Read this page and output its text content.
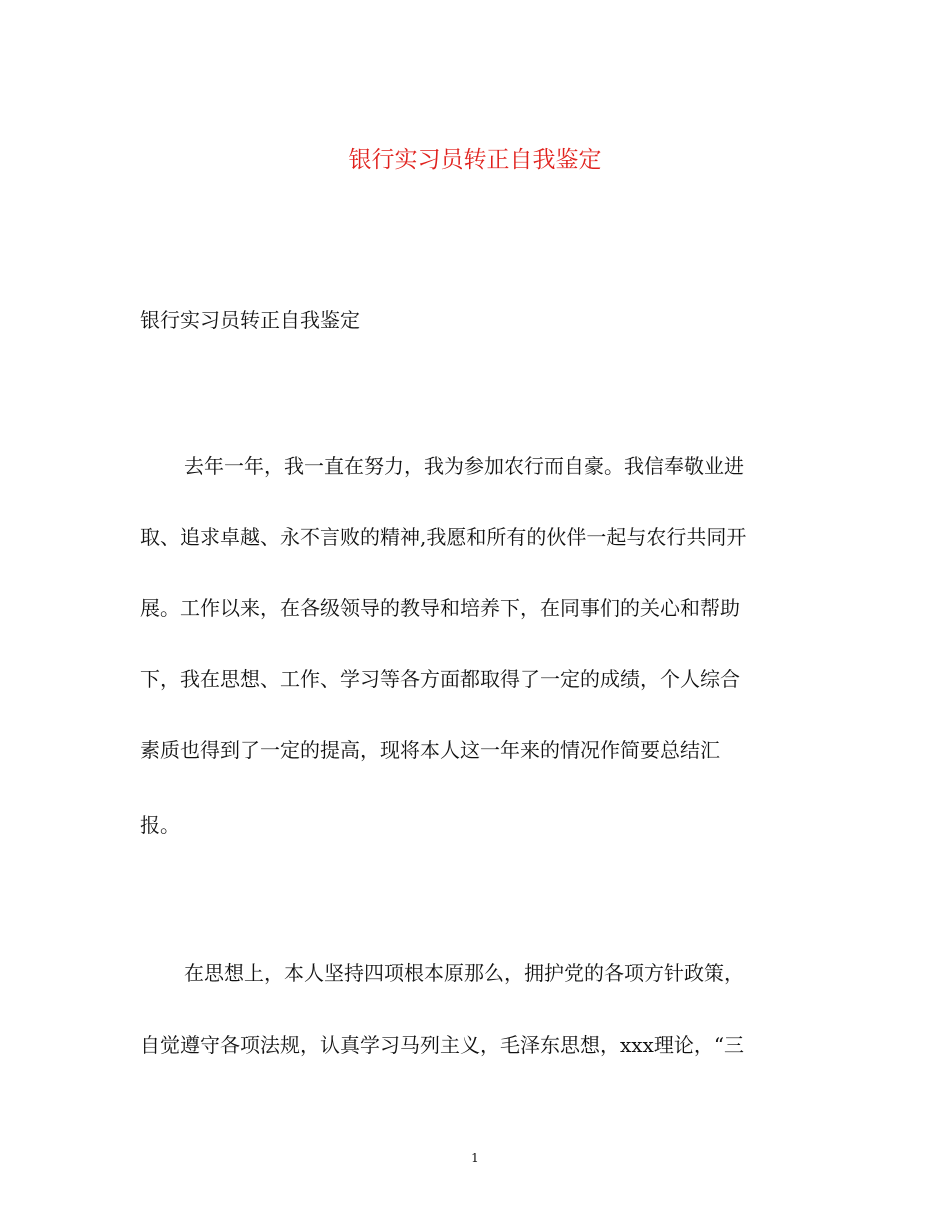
银行实习员转正自我鉴定

银行实习员转正自我鉴定

去年一年，我一直在努力，我为参加农行而自豪。我信奉敬业进

取、追求卓越、永不言败的精神,我愿和所有的伙伴一起与农行共同开

展。工作以来，在各级领导的教导和培养下，在同事们的关心和帮助

下，我在思想、工作、学习等各方面都取得了一定的成绩，个人综合

素质也得到了一定的提高，现将本人这一年来的情况作简要总结汇

报。

在思想上，本人坚持四项根本原那么，拥护党的各项方针政策，

自觉遵守各项法规，认真学习马列主义，毛泽东思想，xxx理论，“三

1
